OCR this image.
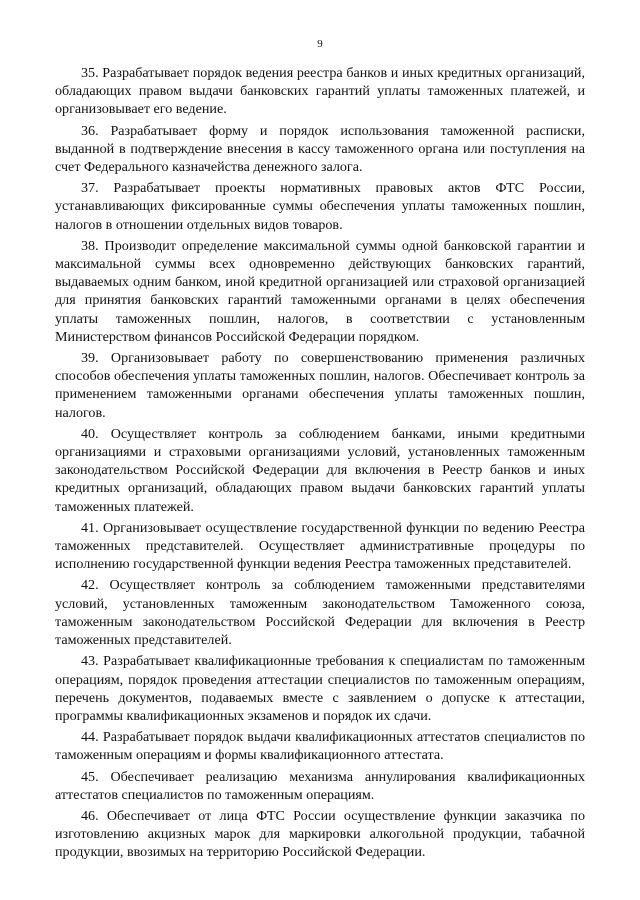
9

35. Разрабатывает порядок ведения реестра банков и иных кредитных организаций, обладающих правом выдачи банковских гарантий уплаты таможенных платежей, и организовывает его ведение.

36. Разрабатывает форму и порядок использования таможенной расписки, выданной в подтверждение внесения в кассу таможенного органа или поступления на счет Федерального казначейства денежного залога.

37. Разрабатывает проекты нормативных правовых актов ФТС России, устанавливающих фиксированные суммы обеспечения уплаты таможенных пошлин, налогов в отношении отдельных видов товаров.

38. Производит определение максимальной суммы одной банковской гарантии и максимальной суммы всех одновременно действующих банковских гарантий, выдаваемых одним банком, иной кредитной организацией или страховой организацией для принятия банковских гарантий таможенными органами в целях обеспечения уплаты таможенных пошлин, налогов, в соответствии с установленным Министерством финансов Российской Федерации порядком.

39. Организовывает работу по совершенствованию применения различных способов обеспечения уплаты таможенных пошлин, налогов. Обеспечивает контроль за применением таможенными органами обеспечения уплаты таможенных пошлин, налогов.

40. Осуществляет контроль за соблюдением банками, иными кредитными организациями и страховыми организациями условий, установленных таможенным законодательством Российской Федерации для включения в Реестр банков и иных кредитных организаций, обладающих правом выдачи банковских гарантий уплаты таможенных платежей.

41. Организовывает осуществление государственной функции по ведению Реестра таможенных представителей. Осуществляет административные процедуры по исполнению государственной функции ведения Реестра таможенных представителей.

42. Осуществляет контроль за соблюдением таможенными представителями условий, установленных таможенным законодательством Таможенного союза, таможенным законодательством Российской Федерации для включения в Реестр таможенных представителей.

43. Разрабатывает квалификационные требования к специалистам по таможенным операциям, порядок проведения аттестации специалистов по таможенным операциям, перечень документов, подаваемых вместе с заявлением о допуске к аттестации, программы квалификационных экзаменов и порядок их сдачи.

44. Разрабатывает порядок выдачи квалификационных аттестатов специалистов по таможенным операциям и формы квалификационного аттестата.

45. Обеспечивает реализацию механизма аннулирования квалификационных аттестатов специалистов по таможенным операциям.

46. Обеспечивает от лица ФТС России осуществление функции заказчика по изготовлению акцизных марок для маркировки алкогольной продукции, табачной продукции, ввозимых на территорию Российской Федерации.
